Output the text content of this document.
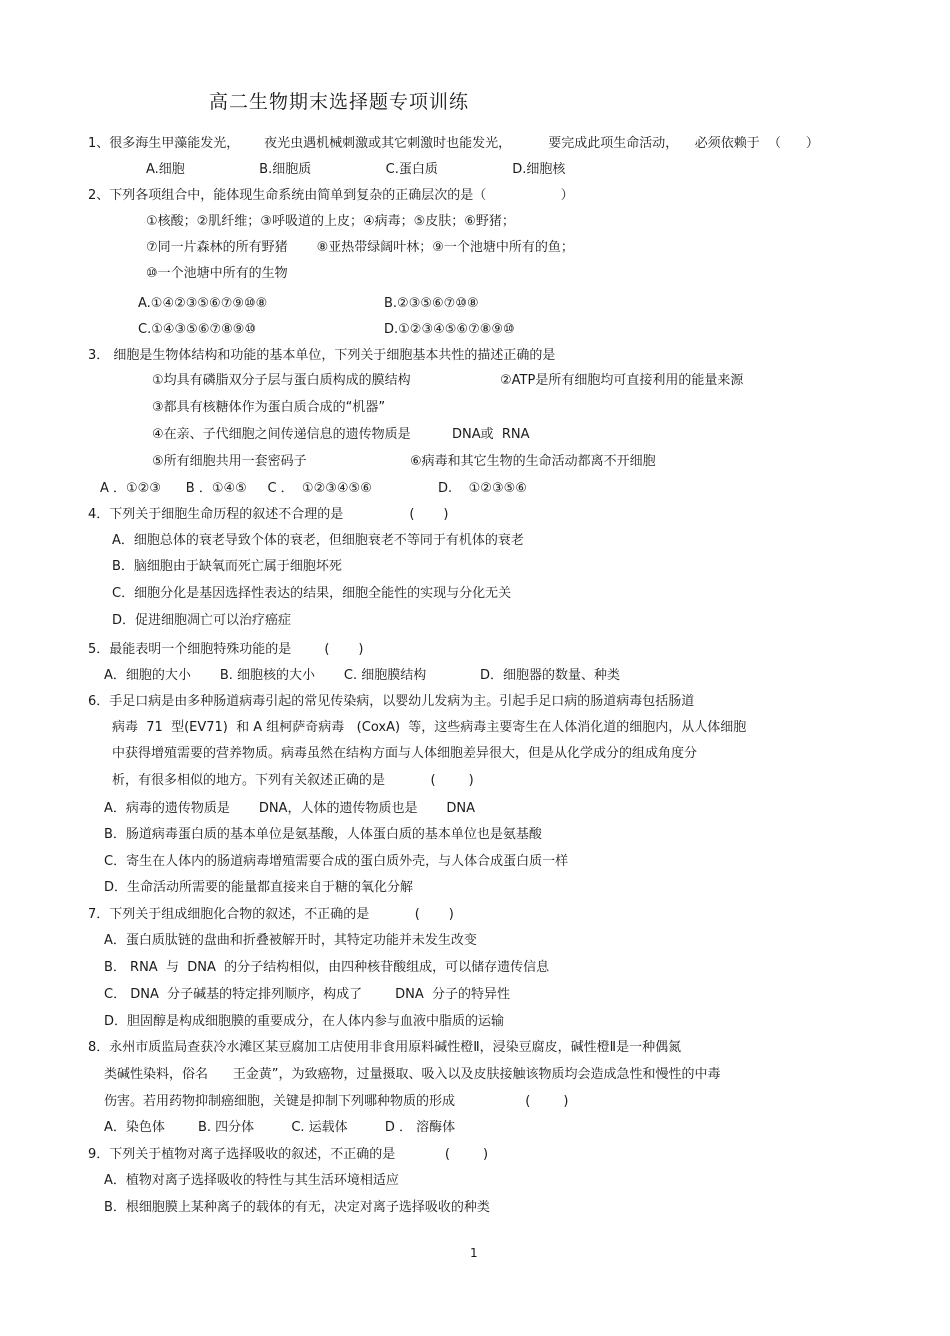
高二生物期末选择题专项训练
1、很多海生甲藻能发光，      夜光虫遇机械刺激或其它刺激时也能发光，         要完成此项生命活动，    必须依赖于  （      ）
A.细胞                  B.细胞质                  C.蛋白质                  D.细胞核
2、下列各项组合中，能体现生命系统由简单到复杂的正确层次的是（                  ）
①核酸；②肌纤维；③呼吸道的上皮；④病毒；⑤皮肤；⑥野猪；
⑦同一片森林的所有野猪       ⑧亚热带绿阔叶林；⑨一个池塘中所有的鱼；
⑩一个池塘中所有的生物
A.①④②③⑤⑥⑦⑨⑩⑧	B.②③⑤⑥⑦⑩⑧
C.①④③⑤⑥⑦⑧⑨⑩	D.①②③④⑤⑥⑦⑧⑨⑩
3． 细胞是生物体结构和功能的基本单位，下列关于细胞基本共性的描述正确的是
①均具有磷脂双分子层与蛋白质构成的膜结构	②ATP是所有细胞均可直接利用的能量来源
③都具有核糖体作为蛋白质合成的“机器”
④在亲、子代细胞之间传递信息的遗传物质是          DNA或  RNA
⑤所有细胞共用一套密码子	⑥病毒和其它生物的生命活动都离不开细胞
A ．①②③      B ．①④⑤     C ．  ①②③④⑤⑥                D.    ①②③⑤⑥
4．下列关于细胞生命历程的叙述不合理的是                (       )
A．细胞总体的衰老导致个体的衰老，但细胞衰老不等同于有机体的衰老
B．脑细胞由于缺氧而死亡属于细胞坏死
C．细胞分化是基因选择性表达的结果，细胞全能性的实现与分化无关
D．促进细胞凋亡可以治疗癌症
5．最能表明一个细胞特殊功能的是        (       )
A．细胞的大小       B. 细胞核的大小       C. 细胞膜结构             D．细胞器的数量、种类
6．手足口病是由多种肠道病毒引起的常见传染病，以婴幼儿发病为主。引起手足口病的肠道病毒包括肠道
病毒  71  型(EV71)  和 A 组柯萨奇病毒   (CoxA)  等，这些病毒主要寄生在人体消化道的细胞内，从人体细胞
中获得增殖需要的营养物质。病毒虽然在结构方面与人体细胞差异很大，但是从化学成分的组成角度分
析，有很多相似的地方。下列有关叙述正确的是           (        )
A．病毒的遗传物质是       DNA，人体的遗传物质也是       DNA
B．肠道病毒蛋白质的基本单位是氨基酸，人体蛋白质的基本单位也是氨基酸
C．寄生在人体内的肠道病毒增殖需要合成的蛋白质外壳，与人体合成蛋白质一样
D．生命活动所需要的能量都直接来自于糖的氧化分解
7．下列关于组成细胞化合物的叙述，不正确的是           (       )
A．蛋白质肽链的盘曲和折叠被解开时，其特定功能并未发生改变
B． RNA  与  DNA  的分子结构相似，由四种核苷酸组成，可以储存遗传信息
C． DNA  分子碱基的特定排列顺序，构成了        DNA  分子的特异性
D．胆固醇是构成细胞膜的重要成分，在人体内参与血液中脂质的运输
8．永州市质监局查获冷水滩区某豆腐加工店使用非食用原料碱性橙Ⅱ，浸染豆腐皮，碱性橙Ⅱ是一种偶氮
类碱性染料，俗名      王金黄”，为致癌物，过量摄取、吸入以及皮肤接触该物质均会造成急性和慢性的中毒
伤害。若用药物抑制癌细胞，关键是抑制下列哪种物质的形成                 (        )
A．染色体        B. 四分体         C. 运载体         D ． 溶酶体
9．下列关于植物对离子选择吸收的叙述，不正确的是            (        )
A．植物对离子选择吸收的特性与其生活环境相适应
B．根细胞膜上某种离子的载体的有无，决定对离子选择吸收的种类
1
